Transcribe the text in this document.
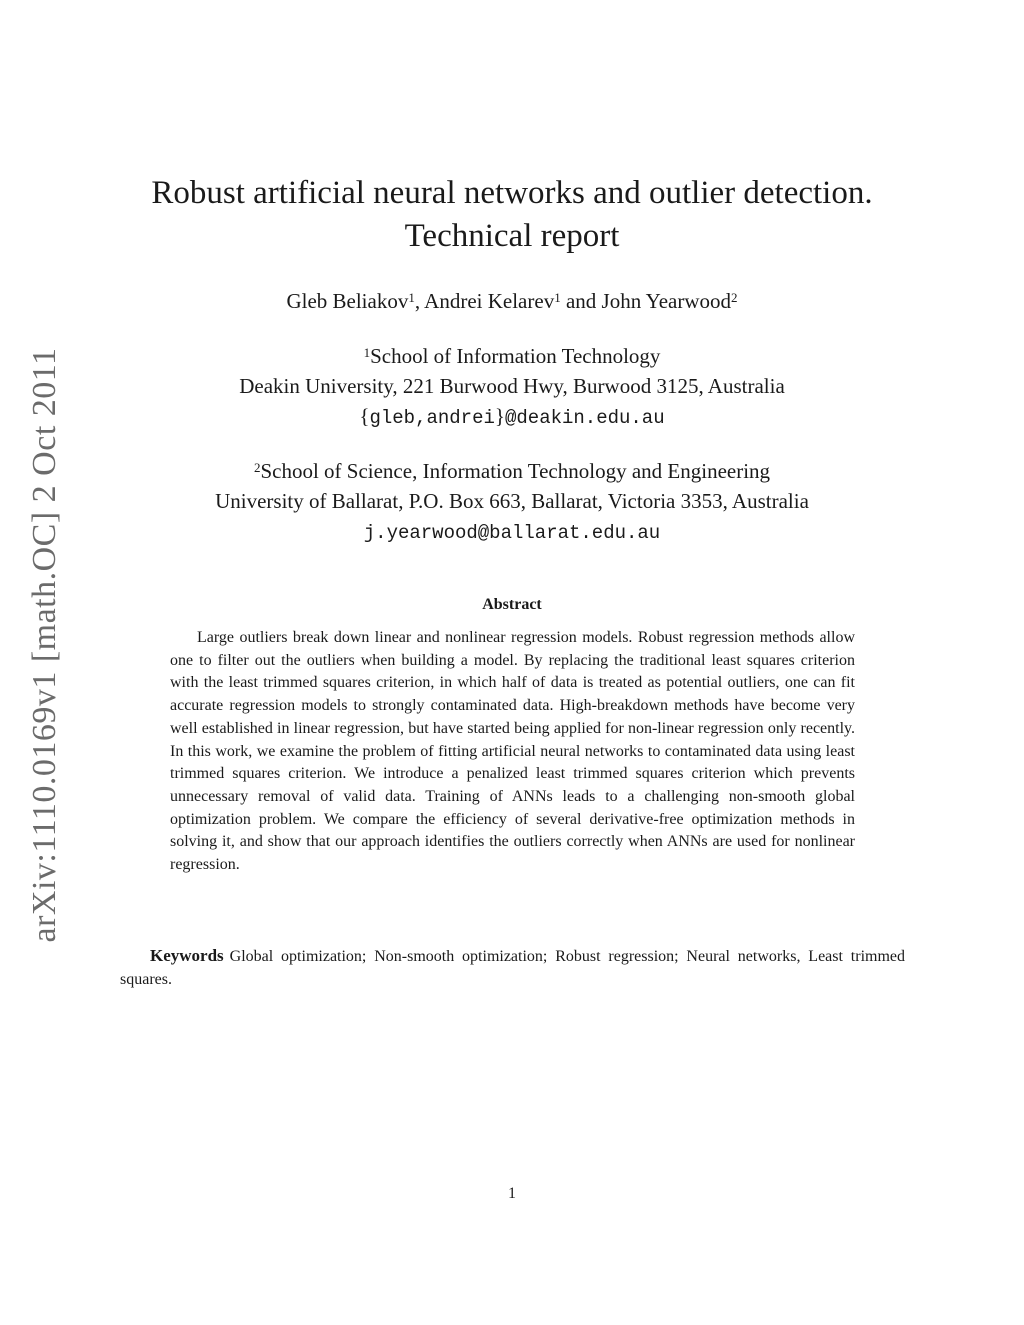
arXiv:1110.0169v1 [math.OC] 2 Oct 2011
Robust artificial neural networks and outlier detection.
Technical report
Gleb Beliakov$^1$, Andrei Kelarev$^1$ and John Yearwood$^2$
$^1$School of Information Technology
Deakin University, 221 Burwood Hwy, Burwood 3125, Australia
{gleb,andrei}@deakin.edu.au
$^2$School of Science, Information Technology and Engineering
University of Ballarat, P.O. Box 663, Ballarat, Victoria 3353, Australia
j.yearwood@ballarat.edu.au
Abstract
Large outliers break down linear and nonlinear regression models. Robust regression methods allow one to filter out the outliers when building a model. By replacing the traditional least squares criterion with the least trimmed squares criterion, in which half of data is treated as potential outliers, one can fit accurate regression models to strongly contaminated data. High-breakdown methods have become very well established in linear regression, but have started being applied for non-linear regression only recently. In this work, we examine the problem of fitting artificial neural networks to contaminated data using least trimmed squares criterion. We introduce a penalized least trimmed squares criterion which prevents unnecessary removal of valid data. Training of ANNs leads to a challenging non-smooth global optimization problem. We compare the efficiency of several derivative-free optimization methods in solving it, and show that our approach identifies the outliers correctly when ANNs are used for nonlinear regression.
Keywords Global optimization; Non-smooth optimization; Robust regression; Neural networks, Least trimmed squares.
1
